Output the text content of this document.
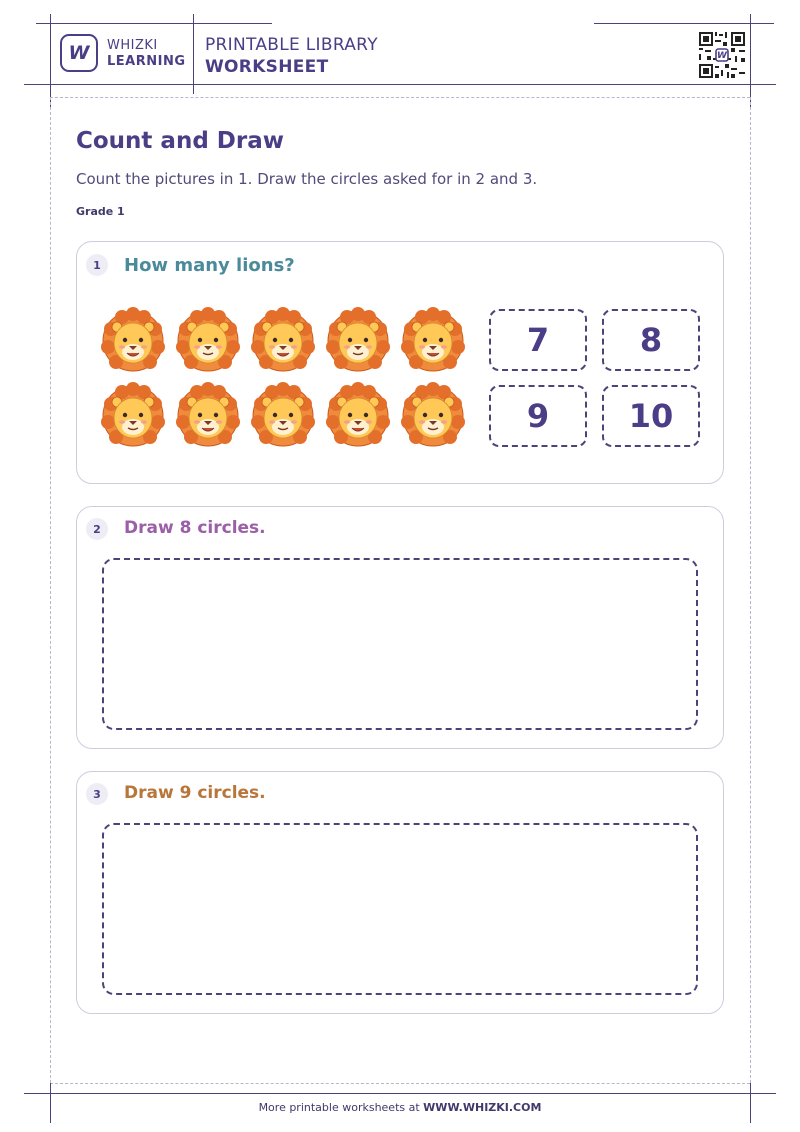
W WHIZKI
LEARNING
PRINTABLE LIBRARY
WORKSHEET
W
Count and Draw
Count the pictures in 1. Draw the circles asked for in 2 and 3.
Grade 1
1	How many lions?
7	8
9	10
2	Draw 8 circles.
3	Draw 9 circles.
More printable worksheets at WWW.WHIZKI.COM
